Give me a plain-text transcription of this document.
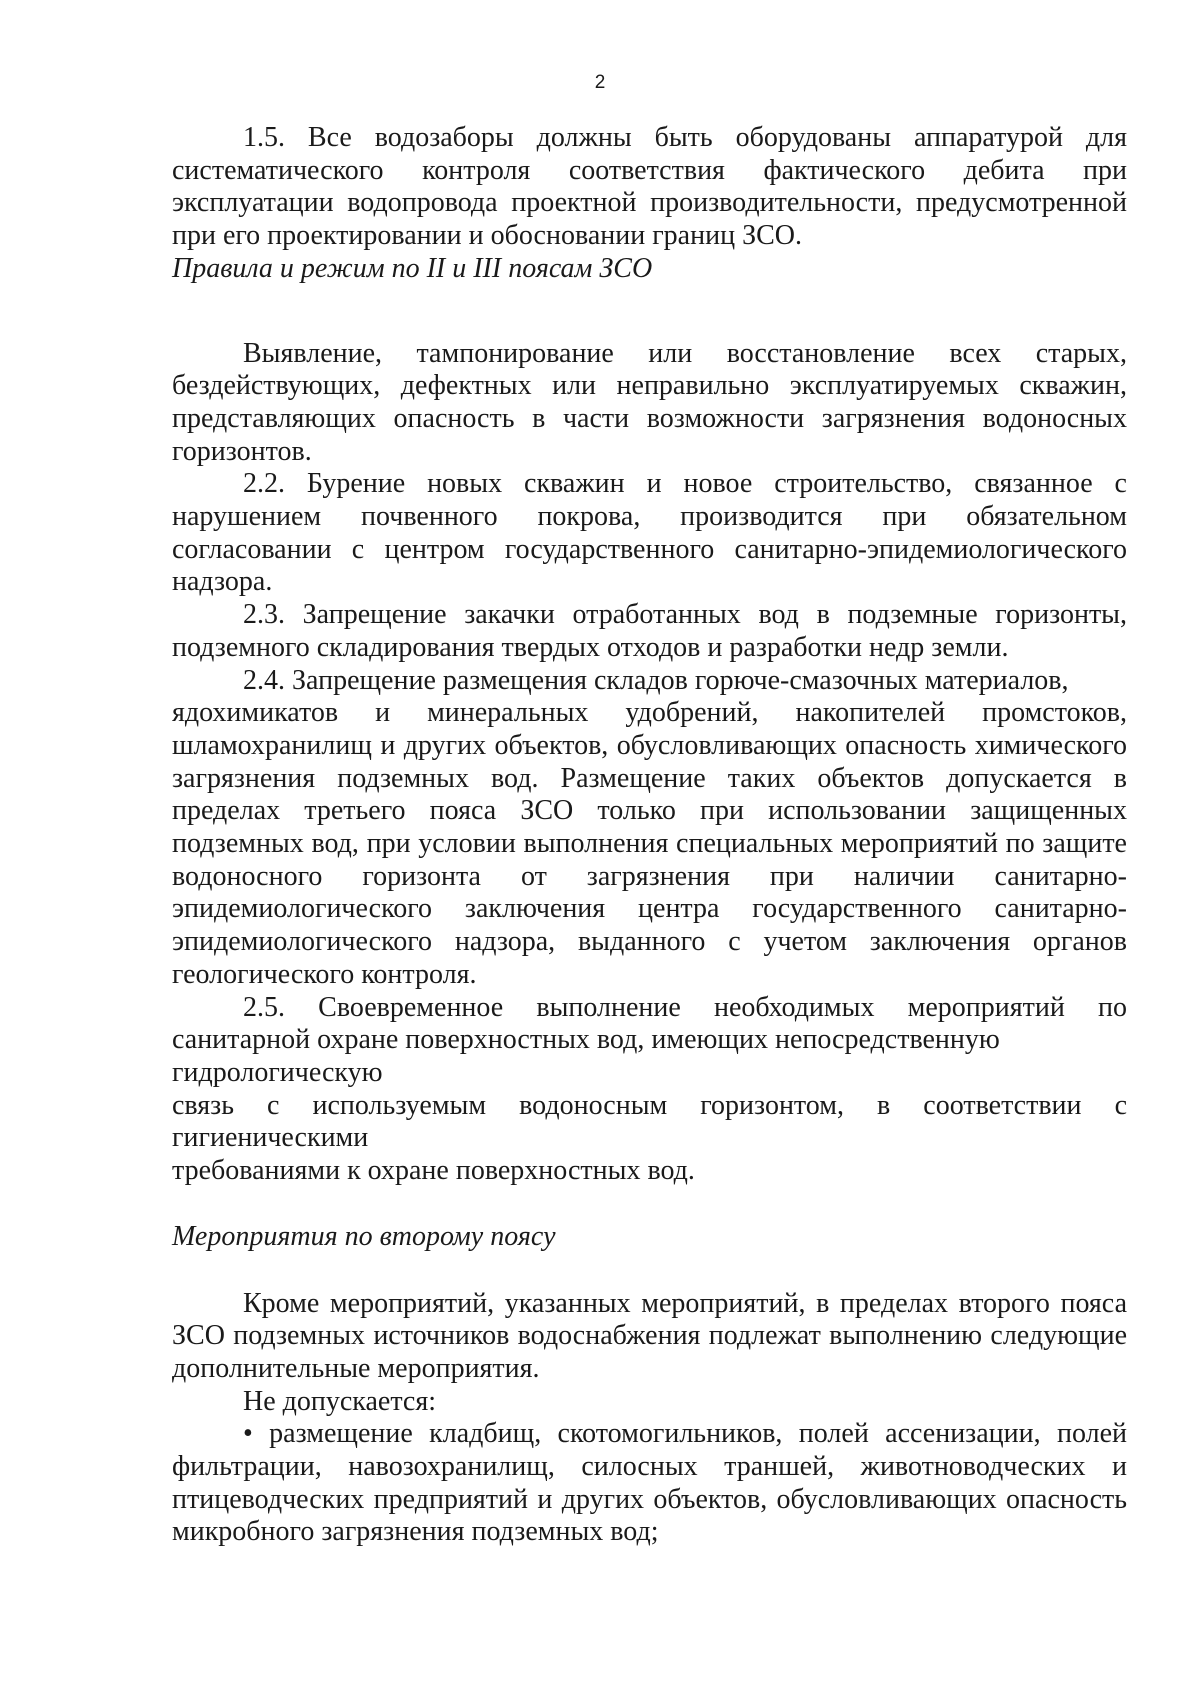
2

1.5. Все водозаборы должны быть оборудованы аппаратурой для систематического контроля соответствия фактического дебита при эксплуатации водопровода проектной производительности, предусмотренной при его проектировании и обосновании границ ЗСО.

Правила и режим по II и III поясам ЗСО

Выявление, тампонирование или восстановление всех старых, бездействующих, дефектных или неправильно эксплуатируемых скважин, представляющих опасность в части возможности загрязнения водоносных горизонтов.

2.2. Бурение новых скважин и новое строительство, связанное с нарушением почвенного покрова, производится при обязательном согласовании с центром государственного санитарно-эпидемиологического надзора.

2.3. Запрещение закачки отработанных вод в подземные горизонты, подземного складирования твердых отходов и разработки недр земли.

2.4. Запрещение размещения складов горюче-смазочных материалов,

ядохимикатов и минеральных удобрений, накопителей промстоков, шламохранилищ и других объектов, обусловливающих опасность химического загрязнения подземных вод. Размещение таких объектов допускается в пределах третьего пояса ЗСО только при использовании защищенных подземных вод, при условии выполнения специальных мероприятий по защите водоносного горизонта от загрязнения при наличии санитарно-эпидемиологического заключения центра государственного санитарно-эпидемиологического надзора, выданного с учетом заключения органов геологического контроля.

2.5. Своевременное выполнение необходимых мероприятий по санитарной охране поверхностных вод, имеющих непосредственную

гидрологическую

связь с используемым водоносным горизонтом, в соответствии с

гигиеническими

требованиями к охране поверхностных вод.

Мероприятия по второму поясу

Кроме мероприятий, указанных мероприятий, в пределах второго пояса ЗСО подземных источников водоснабжения подлежат выполнению следующие дополнительные мероприятия.

Не допускается:

• размещение кладбищ, скотомогильников, полей ассенизации, полей фильтрации, навозохранилищ, силосных траншей, животноводческих и птицеводческих предприятий и других объектов, обусловливающих опасность микробного загрязнения подземных вод;
